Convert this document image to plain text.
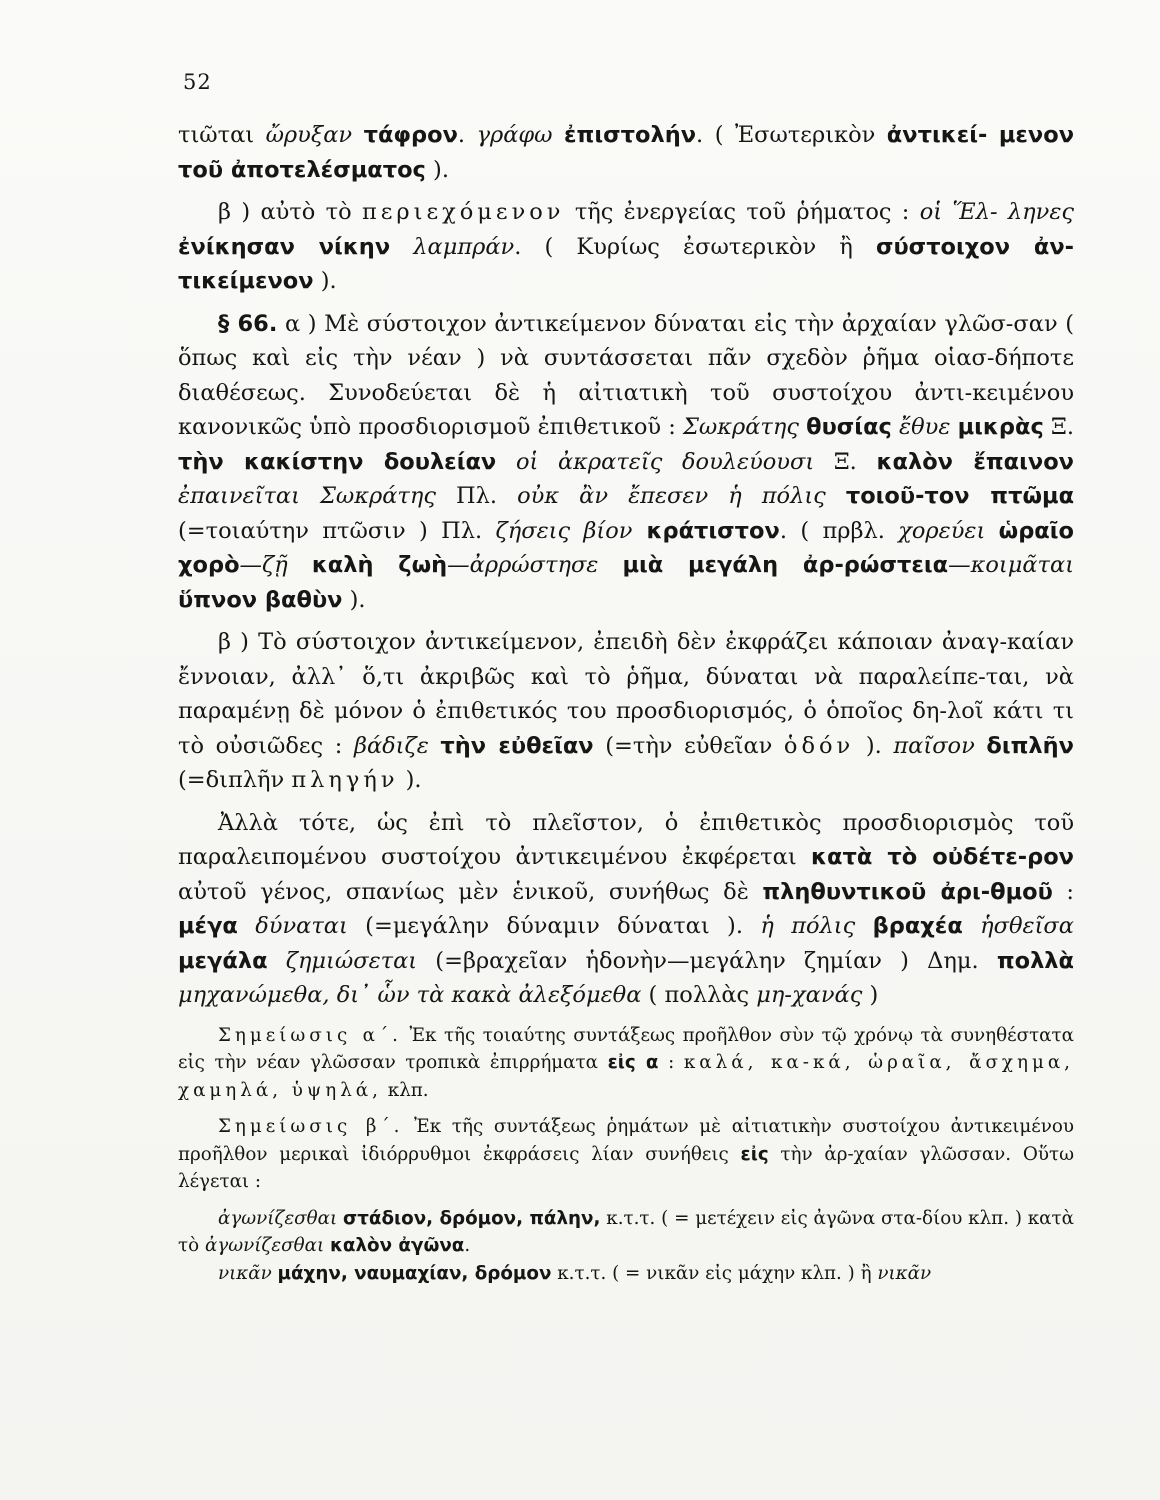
52

τιῶται ὤρυξαν τάφρον. γράφω ἐπιστολήν. ( Ἐσωτερικὸν ἀντικεί- μενον τοῦ ἀποτελέσματος ).

β ) αὐτὸ τὸ περιεχόμενον τῆς ἐνεργείας τοῦ ῥήματος : οἱ Ἕλ- ληνες ἐνίκησαν νίκην λαμπράν. ( Κυρίως ἐσωτερικὸν ἢ σύστοιχον ἀν- τικείμενον ).

§ 66. α ) Μὲ σύστοιχον ἀντικείμενον δύναται εἰς τὴν ἀρχαίαν γλῶσ-σαν ( ὅπως καὶ εἰς τὴν νέαν ) νὰ συντάσσεται πᾶν σχεδὸν ῥῆμα οἱασ-δήποτε διαθέσεως. Συνοδεύεται δὲ ἡ αἰτιατικὴ τοῦ συστοίχου ἀντι-κειμένου κανονικῶς ὑπὸ προσδιορισμοῦ ἐπιθετικοῦ : Σωκράτης θυσίας ἔθυε μικρὰς Ξ. τὴν κακίστην δουλείαν οἱ ἀκρατεῖς δουλεύουσι Ξ. καλὸν ἔπαινον ἐπαινεῖται Σωκράτης Πλ. οὐκ ἂν ἔπεσεν ἡ πόλις τοιοῦ-τον πτῶμα (=τοιαύτην πτῶσιν ) Πλ. ζήσεις βίον κράτιστον. ( πρβλ. χορεύει ὡραῖο χορὸ—ζῇ καλὴ ζωὴ—ἀρρώστησε μιὰ μεγάλη ἀρ-ρώστεια—κοιμᾶται ὕπνον βαθὺν ).

β ) Τὸ σύστοιχον ἀντικείμενον, ἐπειδὴ δὲν ἐκφράζει κάποιαν ἀναγ-καίαν ἔννοιαν, ἀλλ᾽ ὅ,τι ἀκριβῶς καὶ τὸ ῥῆμα, δύναται νὰ παραλείπε-ται, νὰ παραμένῃ δὲ μόνον ὁ ἐπιθετικός του προσδιορισμός, ὁ ὁποῖος δη-λοῖ κάτι τι τὸ οὐσιῶδες : βάδιζε τὴν εὐθεῖαν (=τὴν εὐθεῖαν ὁδόν ). παῖσον διπλῆν (=διπλῆν πληγήν ).

Ἀλλὰ τότε, ὡς ἐπὶ τὸ πλεῖστον, ὁ ἐπιθετικὸς προσδιορισμὸς τοῦ παραλειπομένου συστοίχου ἀντικειμένου ἐκφέρεται κατὰ τὸ οὐδέτε-ρον αὐτοῦ γένος, σπανίως μὲν ἑνικοῦ, συνήθως δὲ πληθυντικοῦ ἀρι-θμοῦ : μέγα δύναται (=μεγάλην δύναμιν δύναται ). ἡ πόλις βραχέα ἡσθεῖσα μεγάλα ζημιώσεται (=βραχεῖαν ἡδονὴν—μεγάλην ζημίαν ) Δημ. πολλὰ μηχανώμεθα, δι᾽ ὧν τὰ κακὰ ἀλεξόμεθα ( πολλὰς μη-χανάς )

Σημείωσις α΄. Ἐκ τῆς τοιαύτης συντάξεως προῆλθον σὺν τῷ χρόνῳ τὰ συνηθέστατα εἰς τὴν νέαν γλῶσσαν τροπικὰ ἐπιρρήματα εἰς α : καλά, κα-κά, ὡραῖα, ἄσχημα, χαμηλά, ὑψηλά, κλπ.

Σημείωσις β΄. Ἐκ τῆς συντάξεως ῥημάτων μὲ αἰτιατικὴν συστοίχου ἀντικειμένου προῆλθον μερικαὶ ἰδιόρρυθμοι ἐκφράσεις λίαν συνήθεις εἰς τὴν ἀρ-χαίαν γλῶσσαν. Οὕτω λέγεται :

ἀγωνίζεσθαι στάδιον, δρόμον, πάλην, κ.τ.τ. ( = μετέχειν εἰς ἀγῶνα στα-δίου κλπ. ) κατὰ τὸ ἀγωνίζεσθαι καλὸν ἀγῶνα.

νικᾶν μάχην, ναυμαχίαν, δρόμον κ.τ.τ. ( = νικᾶν εἰς μάχην κλπ. ) ἢ νικᾶν
